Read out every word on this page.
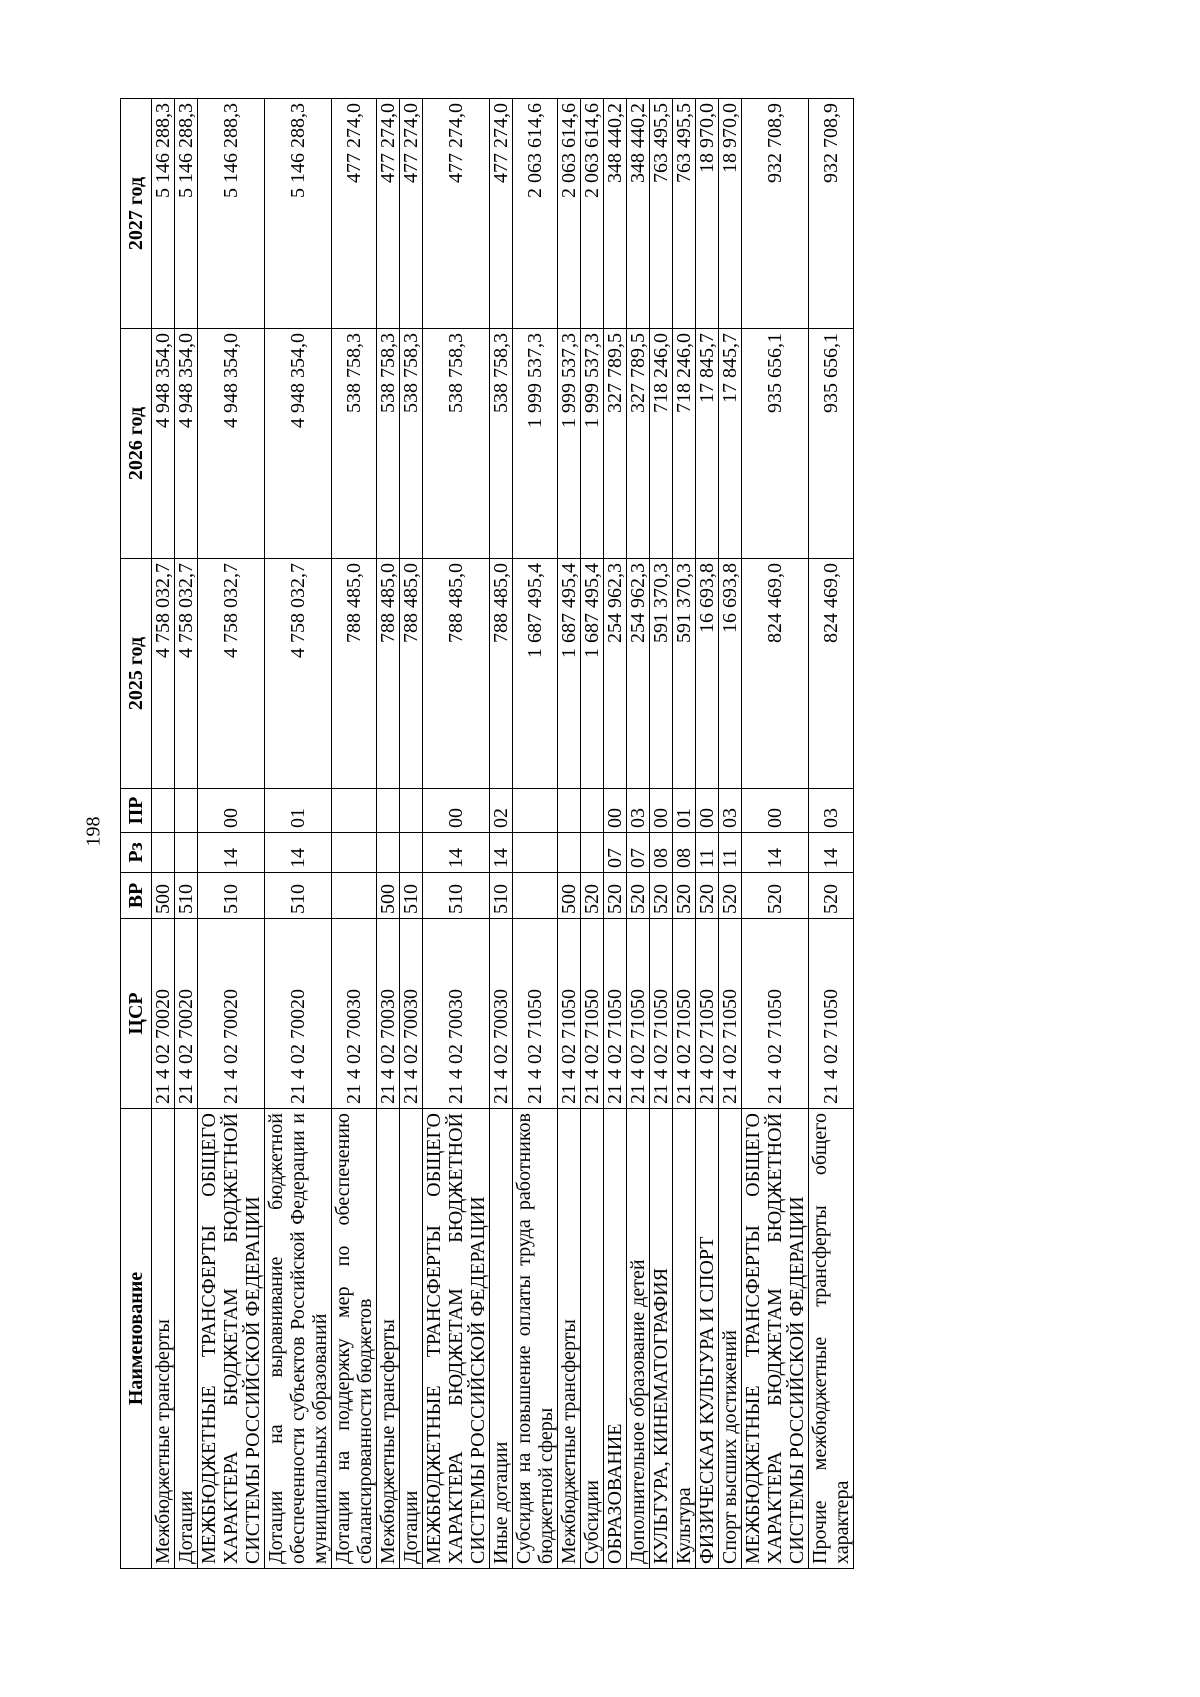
198
Наименование	ЦСР	ВР	Рз	ПР	2025 год	2026 год	2027 год
Межбюджетные трансферты	21 4 02 70020	500			4 758 032,7	4 948 354,0	5 146 288,3
Дотации	21 4 02 70020	510			4 758 032,7	4 948 354,0	5 146 288,3
МЕЖБЮДЖЕТНЫЕ ТРАНСФЕРТЫ ОБЩЕГО ХАРАКТЕРА БЮДЖЕТАМ БЮДЖЕТНОЙ СИСТЕМЫ РОССИЙСКОЙ ФЕДЕРАЦИИ	21 4 02 70020	510	14	00	4 758 032,7	4 948 354,0	5 146 288,3
Дотации на выравнивание бюджетной обеспеченности субъектов Российской Федерации и муниципальных образований	21 4 02 70020	510	14	01	4 758 032,7	4 948 354,0	5 146 288,3
Дотации на поддержку мер по обеспечению сбалансированности бюджетов	21 4 02 70030				788 485,0	538 758,3	477 274,0
Межбюджетные трансферты	21 4 02 70030	500			788 485,0	538 758,3	477 274,0
Дотации	21 4 02 70030	510			788 485,0	538 758,3	477 274,0
МЕЖБЮДЖЕТНЫЕ ТРАНСФЕРТЫ ОБЩЕГО ХАРАКТЕРА БЮДЖЕТАМ БЮДЖЕТНОЙ СИСТЕМЫ РОССИЙСКОЙ ФЕДЕРАЦИИ	21 4 02 70030	510	14	00	788 485,0	538 758,3	477 274,0
Иные дотации	21 4 02 70030	510	14	02	788 485,0	538 758,3	477 274,0
Субсидия на повышение оплаты труда работников бюджетной сферы	21 4 02 71050				1 687 495,4	1 999 537,3	2 063 614,6
Межбюджетные трансферты	21 4 02 71050	500			1 687 495,4	1 999 537,3	2 063 614,6
Субсидии	21 4 02 71050	520			1 687 495,4	1 999 537,3	2 063 614,6
ОБРАЗОВАНИЕ	21 4 02 71050	520	07	00	254 962,3	327 789,5	348 440,2
Дополнительное образование детей	21 4 02 71050	520	07	03	254 962,3	327 789,5	348 440,2
КУЛЬТУРА, КИНЕМАТОГРАФИЯ	21 4 02 71050	520	08	00	591 370,3	718 246,0	763 495,5
Культура	21 4 02 71050	520	08	01	591 370,3	718 246,0	763 495,5
ФИЗИЧЕСКАЯ КУЛЬТУРА И СПОРТ	21 4 02 71050	520	11	00	16 693,8	17 845,7	18 970,0
Спорт высших достижений	21 4 02 71050	520	11	03	16 693,8	17 845,7	18 970,0
МЕЖБЮДЖЕТНЫЕ ТРАНСФЕРТЫ ОБЩЕГО ХАРАКТЕРА БЮДЖЕТАМ БЮДЖЕТНОЙ СИСТЕМЫ РОССИЙСКОЙ ФЕДЕРАЦИИ	21 4 02 71050	520	14	00	824 469,0	935 656,1	932 708,9
Прочие межбюджетные трансферты общего характера	21 4 02 71050	520	14	03	824 469,0	935 656,1	932 708,9
